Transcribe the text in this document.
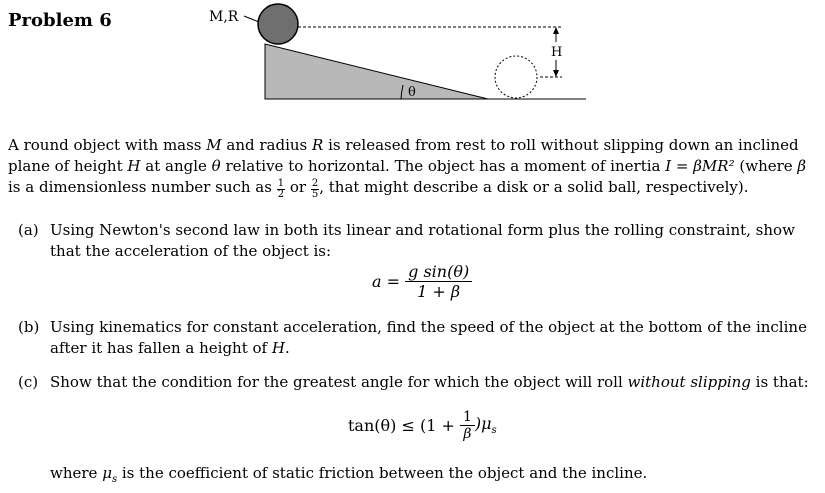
Problem 6	M,R
H
θ
A round object with mass M and radius R is released from rest to roll without slipping down an inclined plane of height H at angle θ relative to horizontal. The object has a moment of inertia I = βMR² (where β is a dimensionless number such as $\frac{1}{2}$ or $\frac{2}{5}$ , that might describe a disk or a solid ball, respectively).
(a) Using Newton's second law in both its linear and rotational form plus the rolling constraint, show that the acceleration of the object is:
$a = \frac{\text{g sin(θ)}}{1 + \beta}$
(b) Using kinematics for constant acceleration, find the speed of the object at the bottom of the incline after it has fallen a height of H.
(c) Show that the condition for the greatest angle for which the object will roll without slipping is that:
$\tan(\theta) \le (1 + \frac{1}{\beta} )\mu_s$
where $\mu_s$ is the coefficient of static friction between the object and the incline.
